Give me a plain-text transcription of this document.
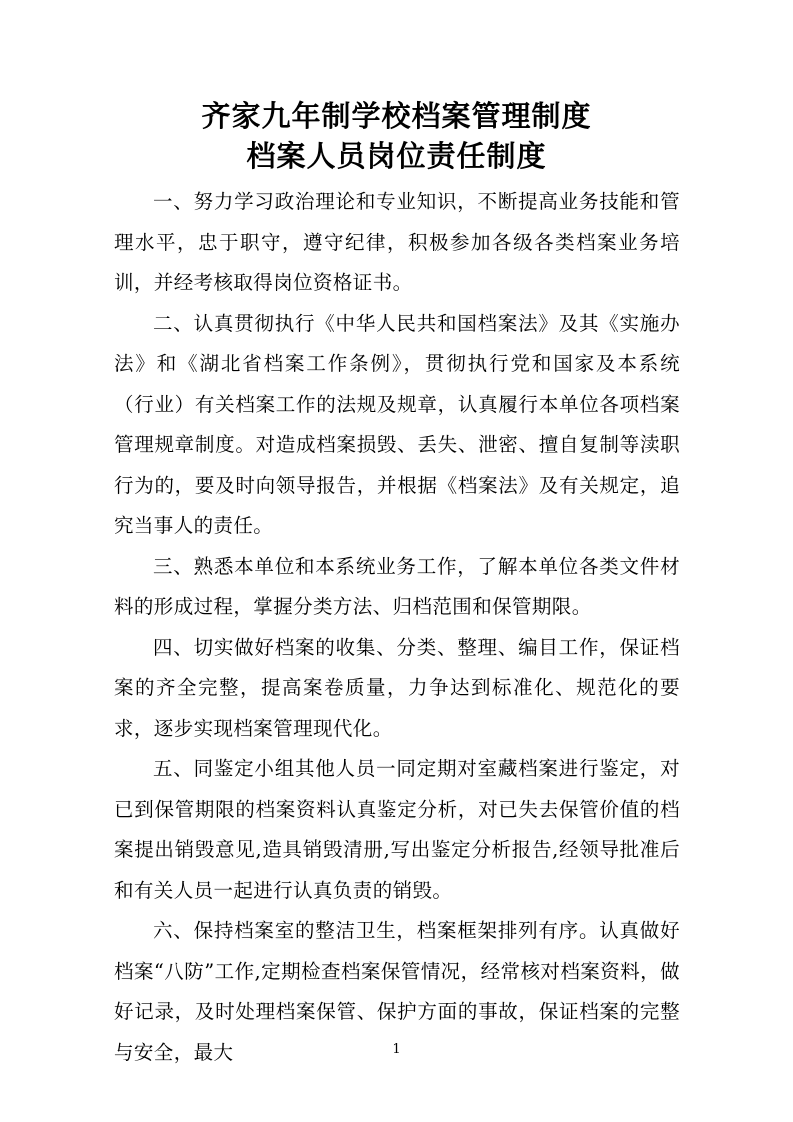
齐家九年制学校档案管理制度
档案人员岗位责任制度

一、努力学习政治理论和专业知识，不断提高业务技能和管理水平，忠于职守，遵守纪律，积极参加各级各类档案业务培训，并经考核取得岗位资格证书。

二、认真贯彻执行《中华人民共和国档案法》及其《实施办法》和《湖北省档案工作条例》，贯彻执行党和国家及本系统（行业）有关档案工作的法规及规章，认真履行本单位各项档案管理规章制度。对造成档案损毁、丢失、泄密、擅自复制等渎职行为的，要及时向领导报告，并根据《档案法》及有关规定，追究当事人的责任。

三、熟悉本单位和本系统业务工作，了解本单位各类文件材料的形成过程，掌握分类方法、归档范围和保管期限。

四、切实做好档案的收集、分类、整理、编目工作，保证档案的齐全完整，提高案卷质量，力争达到标准化、规范化的要求，逐步实现档案管理现代化。

五、同鉴定小组其他人员一同定期对室藏档案进行鉴定，对已到保管期限的档案资料认真鉴定分析，对已失去保管价值的档案提出销毁意见,造具销毁清册,写出鉴定分析报告,经领导批准后和有关人员一起进行认真负责的销毁。

六、保持档案室的整洁卫生，档案框架排列有序。认真做好档案“八防”工作,定期检查档案保管情况，经常核对档案资料，做好记录，及时处理档案保管、保护方面的事故，保证档案的完整与安全，最大	1
